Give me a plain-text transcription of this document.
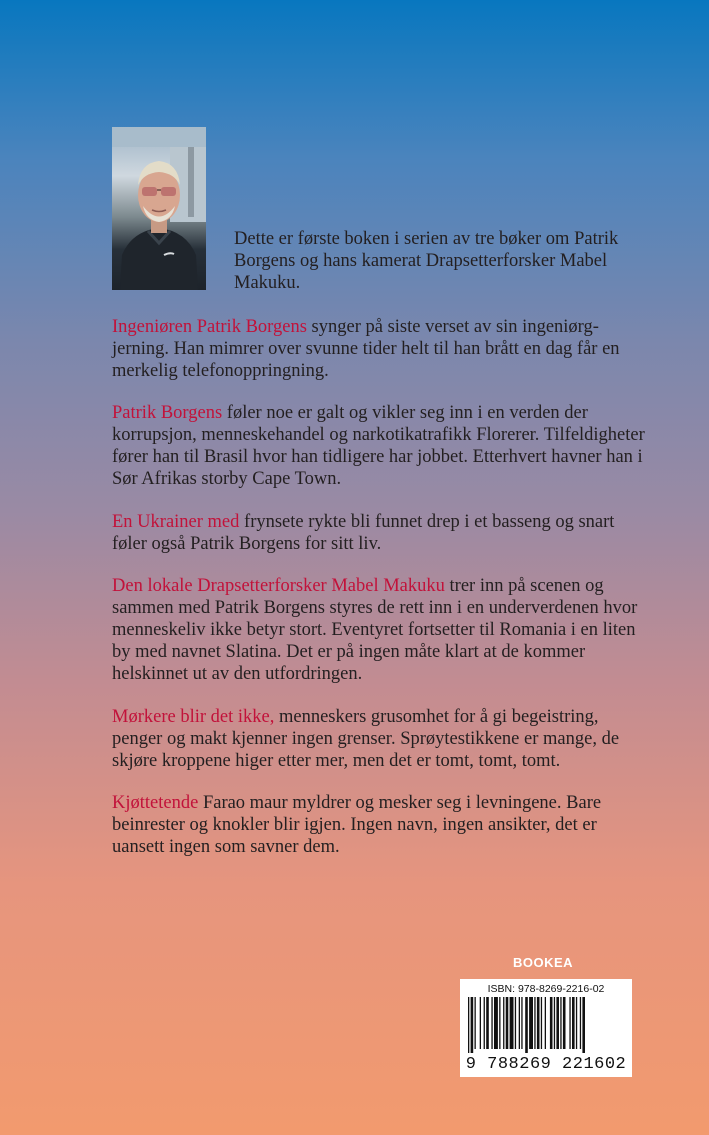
Dette er første boken i serien av tre bøker om Patrik Borgens og hans kamerat Drapsetterforsker Mabel Makuku.

Ingeniøren Patrik Borgens synger på siste verset av sin ingeniørg-jerning. Han mimrer over svunne tider helt til han brått en dag får en merkelig telefonoppringning.

Patrik Borgens føler noe er galt og vikler seg inn i en verden der korrupsjon, menneskehandel og narkotikatrafikk Florerer. Tilfeldigheter fører han til Brasil hvor han tidligere har jobbet. Etterhvert havner han i Sør Afrikas storby Cape Town.

En Ukrainer med frynsete rykte bli funnet drep i et basseng og snart føler også Patrik Borgens for sitt liv.

Den lokale Drapsetterforsker Mabel Makuku trer inn på scenen og sammen med Patrik Borgens styres de rett inn i en underverdenen hvor menneskeliv ikke betyr stort. Eventyret fortsetter til Romania i en liten by med navnet Slatina. Det er på ingen måte klart at de kommer helskinnet ut av den utfordringen.

Mørkere blir det ikke, menneskers grusomhet for å gi begeistring, penger og makt kjenner ingen grenser. Sprøytestikkene er mange, de skjøre kroppene higer etter mer, men det er tomt, tomt, tomt.

Kjøttetende Farao maur myldrer og mesker seg i levningene. Bare beinrester og knokler blir igjen. Ingen navn, ingen ansikter, det er uansett ingen som savner dem.

BOOKEA
ISBN: 978-8269-2216-02
9 788269 221602
